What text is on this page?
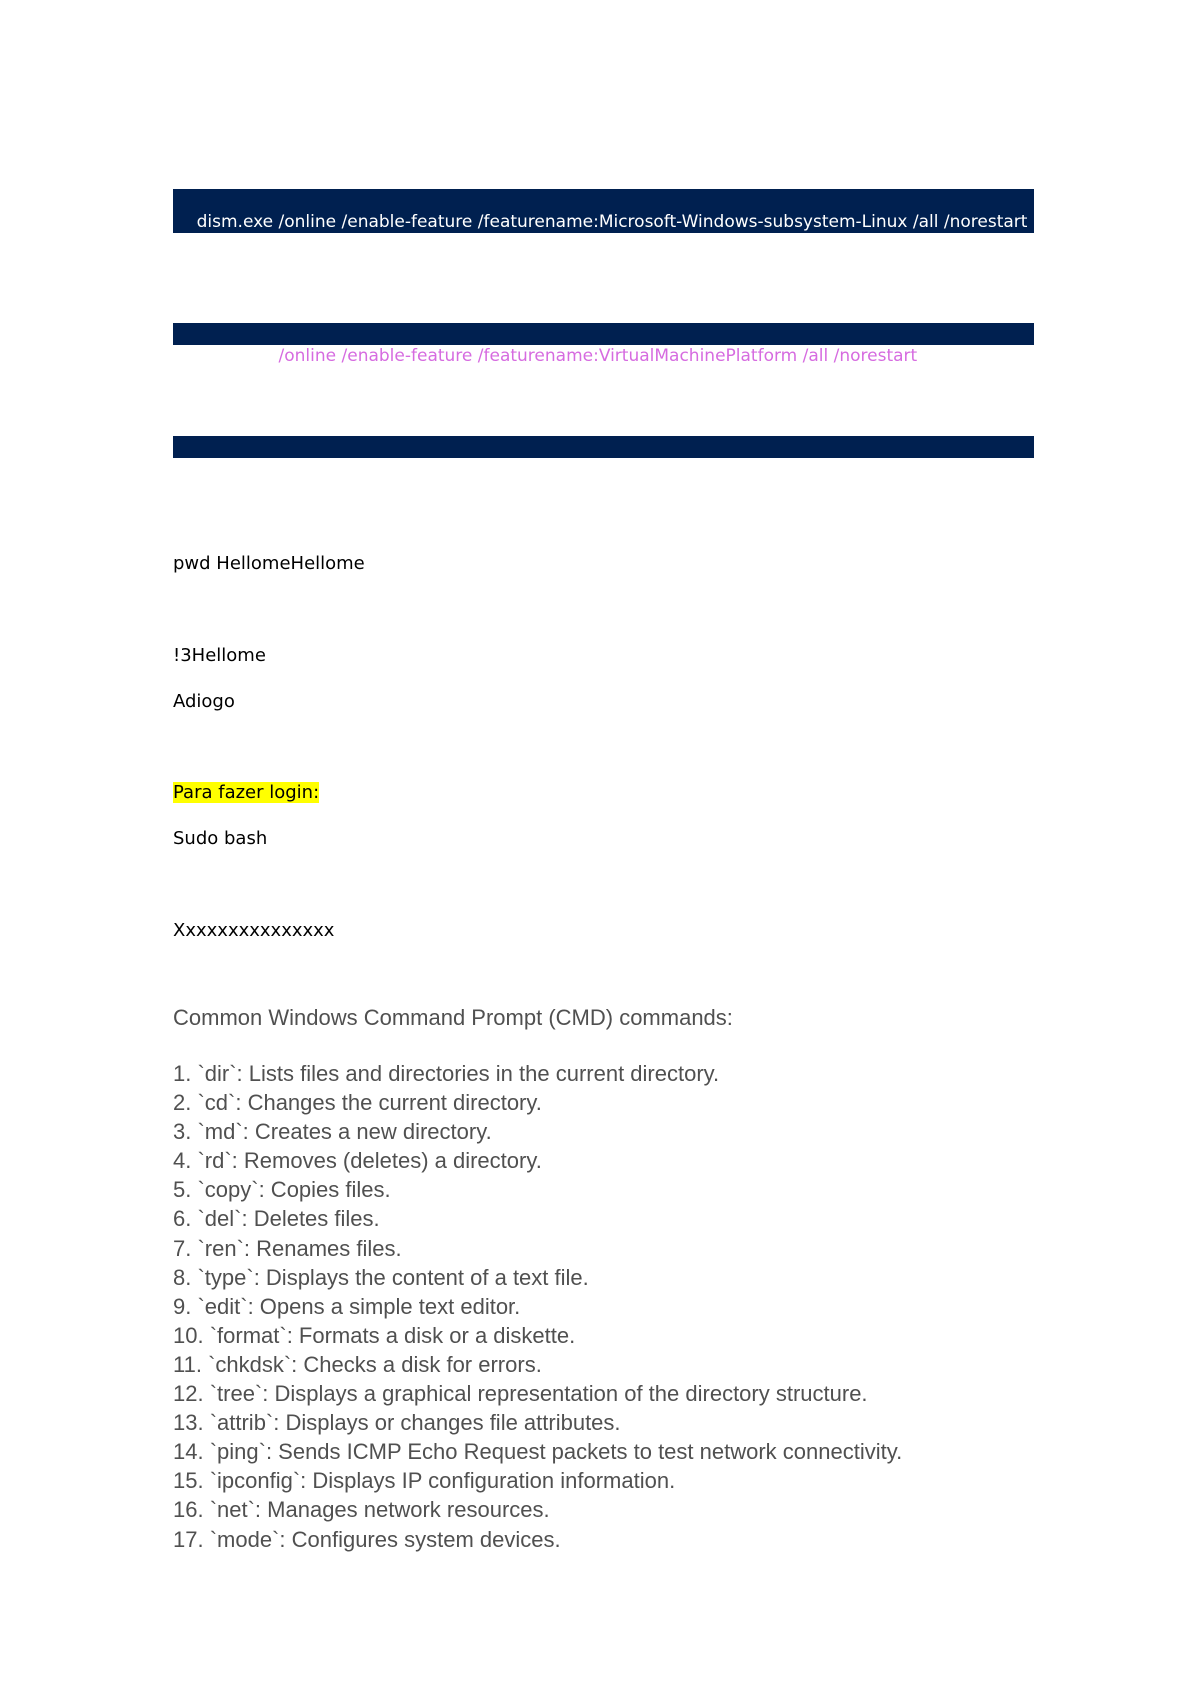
dism.exe /online /enable-feature /featurename:Microsoft-Windows-subsystem-Linux /all /norestart

dism.exe /online /enable-feature /featurename:VirtualMachinePlatform /all /norestart

wsl --set-default-version 2

pwd HellomeHellome
!3Hellome
Adiogo
Para fazer login:
Sudo bash
Xxxxxxxxxxxxxxx
Common Windows Command Prompt (CMD) commands:
1. `dir`: Lists files and directories in the current directory.
2. `cd`: Changes the current directory.
3. `md`: Creates a new directory.
4. `rd`: Removes (deletes) a directory.
5. `copy`: Copies files.
6. `del`: Deletes files.
7. `ren`: Renames files.
8. `type`: Displays the content of a text file.
9. `edit`: Opens a simple text editor.
10. `format`: Formats a disk or a diskette.
11. `chkdsk`: Checks a disk for errors.
12. `tree`: Displays a graphical representation of the directory structure.
13. `attrib`: Displays or changes file attributes.
14. `ping`: Sends ICMP Echo Request packets to test network connectivity.
15. `ipconfig`: Displays IP configuration information.
16. `net`: Manages network resources.
17. `mode`: Configures system devices.
